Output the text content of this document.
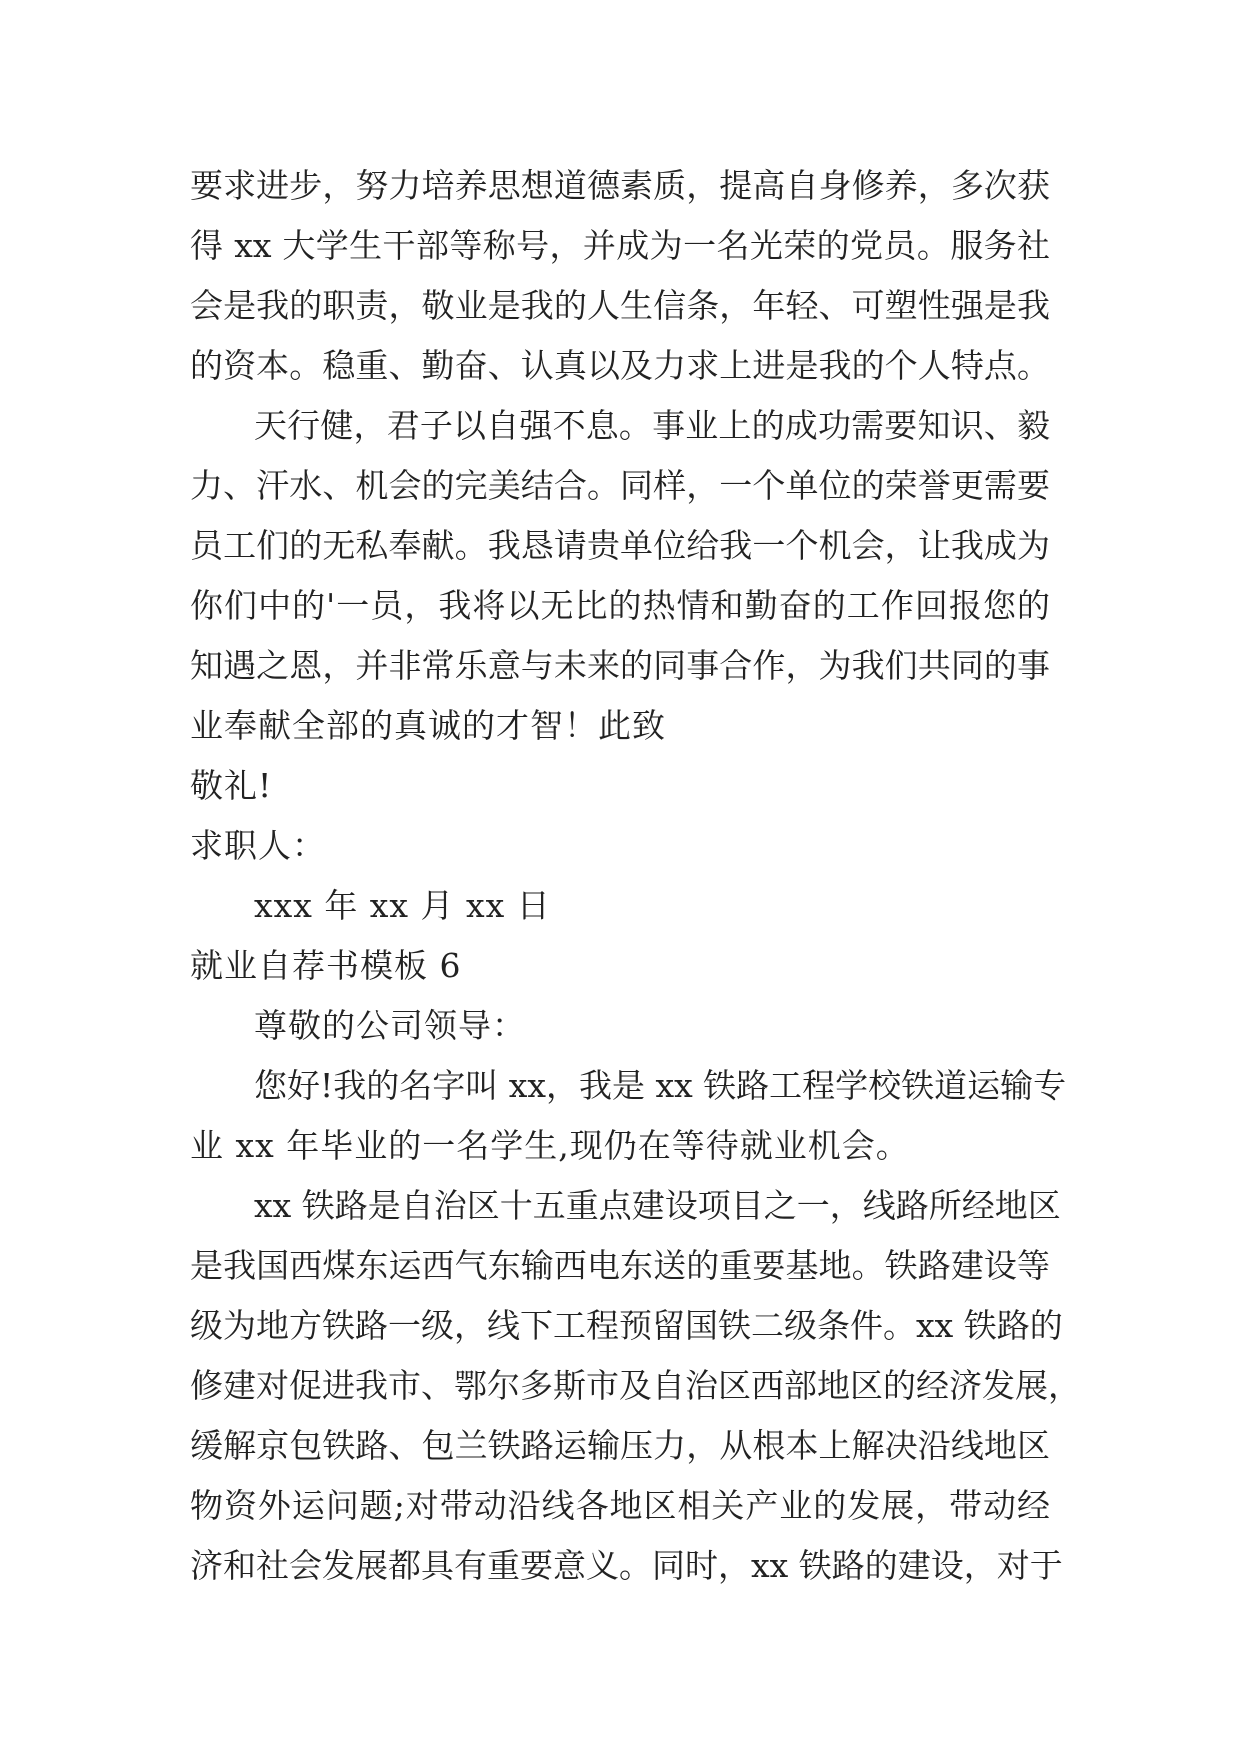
要求进步，努力培养思想道德素质，提高自身修养，多次获
得 xx 大学生干部等称号，并成为一名光荣的党员。服务社
会是我的职责，敬业是我的人生信条，年轻、可塑性强是我
的资本。稳重、勤奋、认真以及力求上进是我的个人特点。
天行健，君子以自强不息。事业上的成功需要知识、毅
力、汗水、机会的完美结合。同样，一个单位的荣誉更需要
员工们的无私奉献。我恳请贵单位给我一个机会，让我成为
你们中的'一员，我将以无比的热情和勤奋的工作回报您的
知遇之恩，并非常乐意与未来的同事合作，为我们共同的事
业奉献全部的真诚的才智！此致
敬礼!
求职人：
xxx 年 xx 月 xx 日
就业自荐书模板 6
尊敬的公司领导：
您好!我的名字叫 xx，我是 xx 铁路工程学校铁道运输专
业 xx 年毕业的一名学生,现仍在等待就业机会。
xx 铁路是自治区十五重点建设项目之一，线路所经地区
是我国西煤东运西气东输西电东送的重要基地。铁路建设等
级为地方铁路一级，线下工程预留国铁二级条件。xx 铁路的
修建对促进我市、鄂尔多斯市及自治区西部地区的经济发展，
缓解京包铁路、包兰铁路运输压力，从根本上解决沿线地区
物资外运问题;对带动沿线各地区相关产业的发展，带动经
济和社会发展都具有重要意义。同时，xx 铁路的建设，对于
